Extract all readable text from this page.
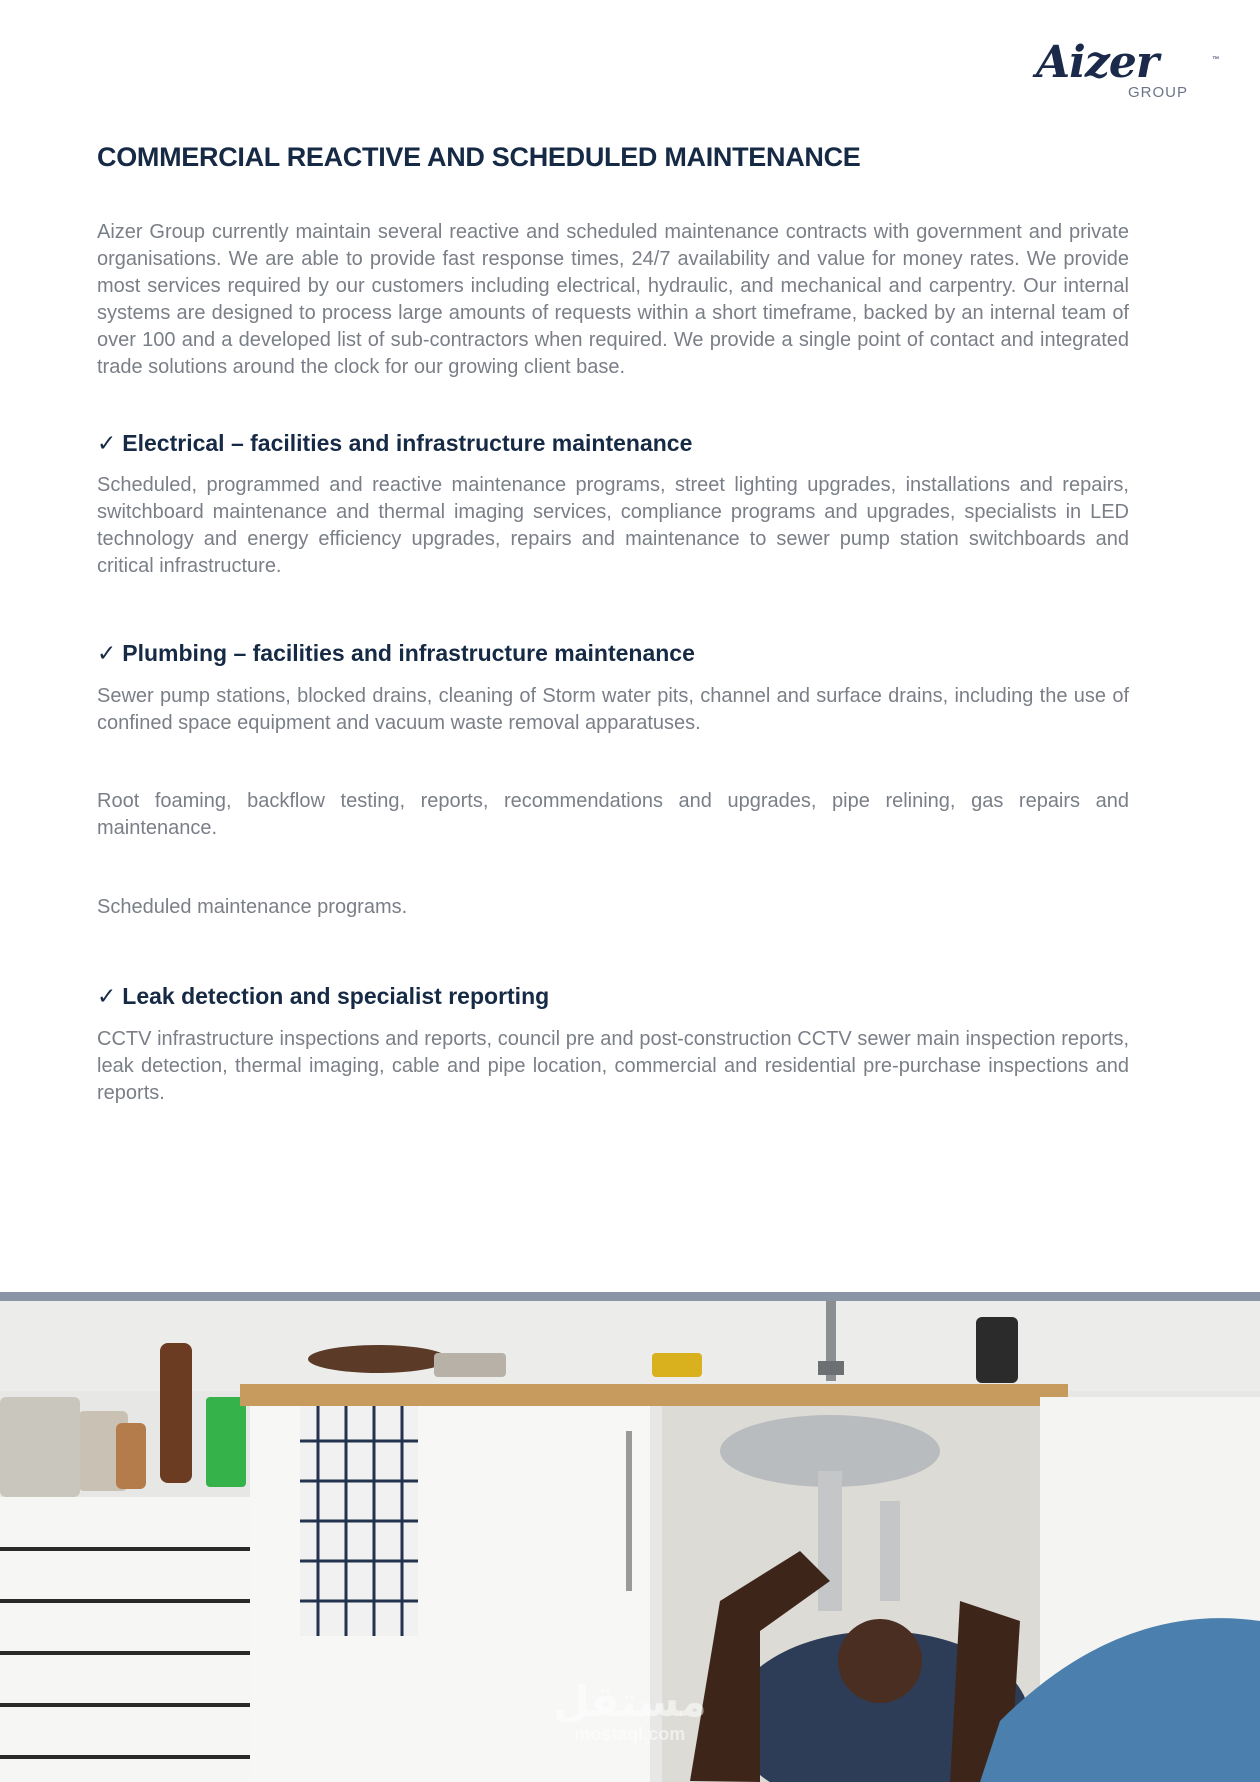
Aizer	™
GROUP
COMMERCIAL REACTIVE AND SCHEDULED MAINTENANCE

Aizer Group currently maintain several reactive and scheduled maintenance contracts with government and private organisations. We are able to provide fast response times, 24/7 availability and value for money rates. We provide most services required by our customers including electrical, hydraulic, and mechanical and carpentry. Our internal systems are designed to process large amounts of requests within a short timeframe, backed by an internal team of over 100 and a developed list of sub-contractors when required. We provide a single point of contact and integrated trade solutions around the clock for our growing client base.

✓ Electrical – facilities and infrastructure maintenance

Scheduled, programmed and reactive maintenance programs, street lighting upgrades, installations and repairs, switchboard maintenance and thermal imaging services, compliance programs and upgrades, specialists in LED technology and energy efficiency upgrades, repairs and maintenance to sewer pump station switchboards and critical infrastructure.

✓ Plumbing – facilities and infrastructure maintenance

Sewer pump stations, blocked drains, cleaning of Storm water pits, channel and surface drains, including the use of confined space equipment and vacuum waste removal apparatuses.

Root foaming, backflow testing, reports, recommendations and upgrades, pipe relining, gas repairs and maintenance.

Scheduled maintenance programs.

✓ Leak detection and specialist reporting

CCTV infrastructure inspections and reports, council pre and post-construction CCTV sewer main inspection reports, leak detection, thermal imaging, cable and pipe location, commercial and residential pre-purchase inspections and reports.

مستقل
mostaql.com
